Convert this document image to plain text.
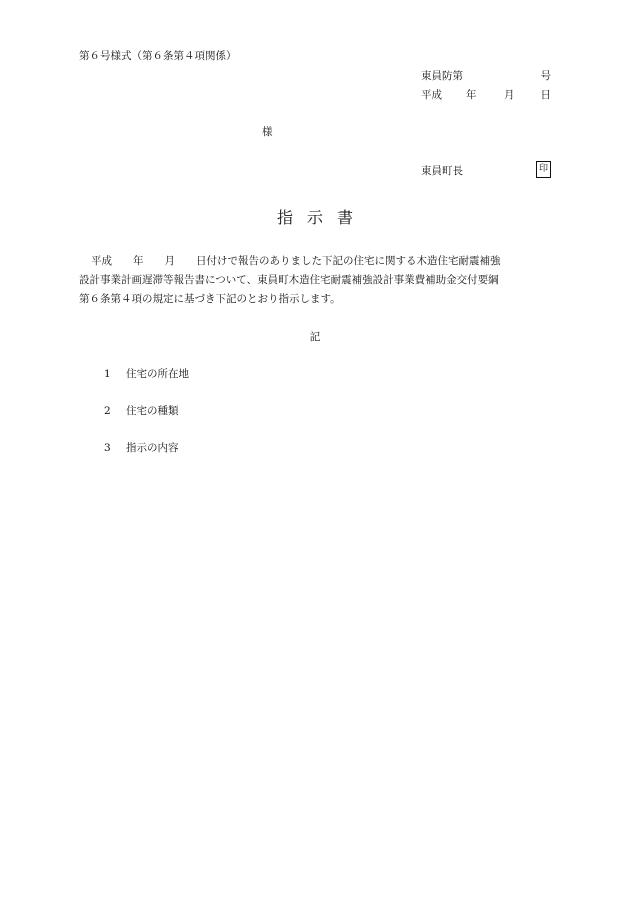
第６号様式（第６条第４項関係）
東員防第	号
平成 年	月 日
様
東員町長	印
指示書
平成　　年　　月　　日付けで報告のありました下記の住宅に関する木造住宅耐震補強
設計事業計画遅滞等報告書について、東員町木造住宅耐震補強設計事業費補助金交付要綱
第６条第４項の規定に基づき下記のとおり指示します。
記
1 住宅の所在地
2 住宅の種類
3 指示の内容
